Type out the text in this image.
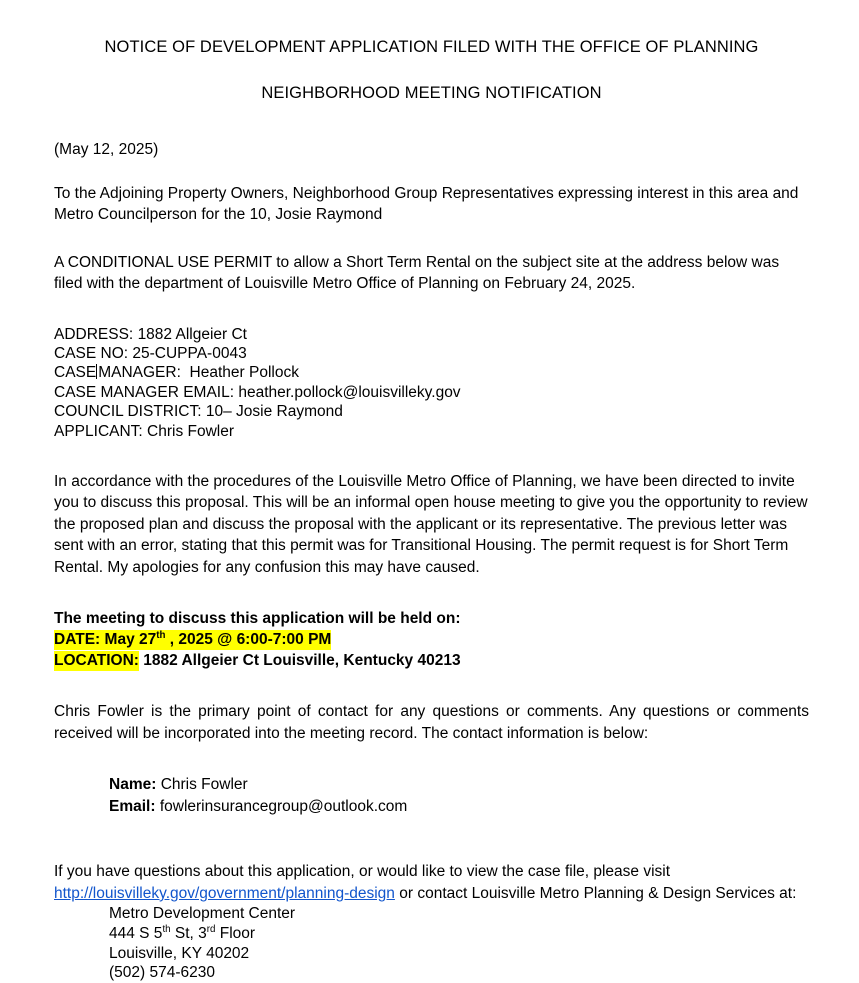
NOTICE OF DEVELOPMENT APPLICATION FILED WITH THE OFFICE OF PLANNING
NEIGHBORHOOD MEETING NOTIFICATION

(May 12, 2025)

To the Adjoining Property Owners, Neighborhood Group Representatives expressing interest in this area and Metro Councilperson for the 10, Josie Raymond

A CONDITIONAL USE PERMIT to allow a Short Term Rental on the subject site at the address below was filed with the department of Louisville Metro Office of Planning on February 24, 2025.

ADDRESS: 1882 Allgeier Ct
CASE NO: 25-CUPPA-0043
CASE MANAGER: Heather Pollock
CASE MANAGER EMAIL: heather.pollock@louisvilleky.gov
COUNCIL DISTRICT: 10– Josie Raymond
APPLICANT: Chris Fowler

In accordance with the procedures of the Louisville Metro Office of Planning, we have been directed to invite you to discuss this proposal. This will be an informal open house meeting to give you the opportunity to review the proposed plan and discuss the proposal with the applicant or its representative. The previous letter was sent with an error, stating that this permit was for Transitional Housing. The permit request is for Short Term Rental. My apologies for any confusion this may have caused.

The meeting to discuss this application will be held on:
DATE: May 27th , 2025 @ 6:00-7:00 PM
LOCATION: 1882 Allgeier Ct Louisville, Kentucky 40213

Chris Fowler is the primary point of contact for any questions or comments. Any questions or comments received will be incorporated into the meeting record. The contact information is below:

Name: Chris Fowler
Email: fowlerinsurancegroup@outlook.com

If you have questions about this application, or would like to view the case file, please visit http://louisvilleky.gov/government/planning-design or contact Louisville Metro Planning & Design Services at:

Metro Development Center
444 S 5th St, 3rd Floor
Louisville, KY 40202
(502) 574-6230
